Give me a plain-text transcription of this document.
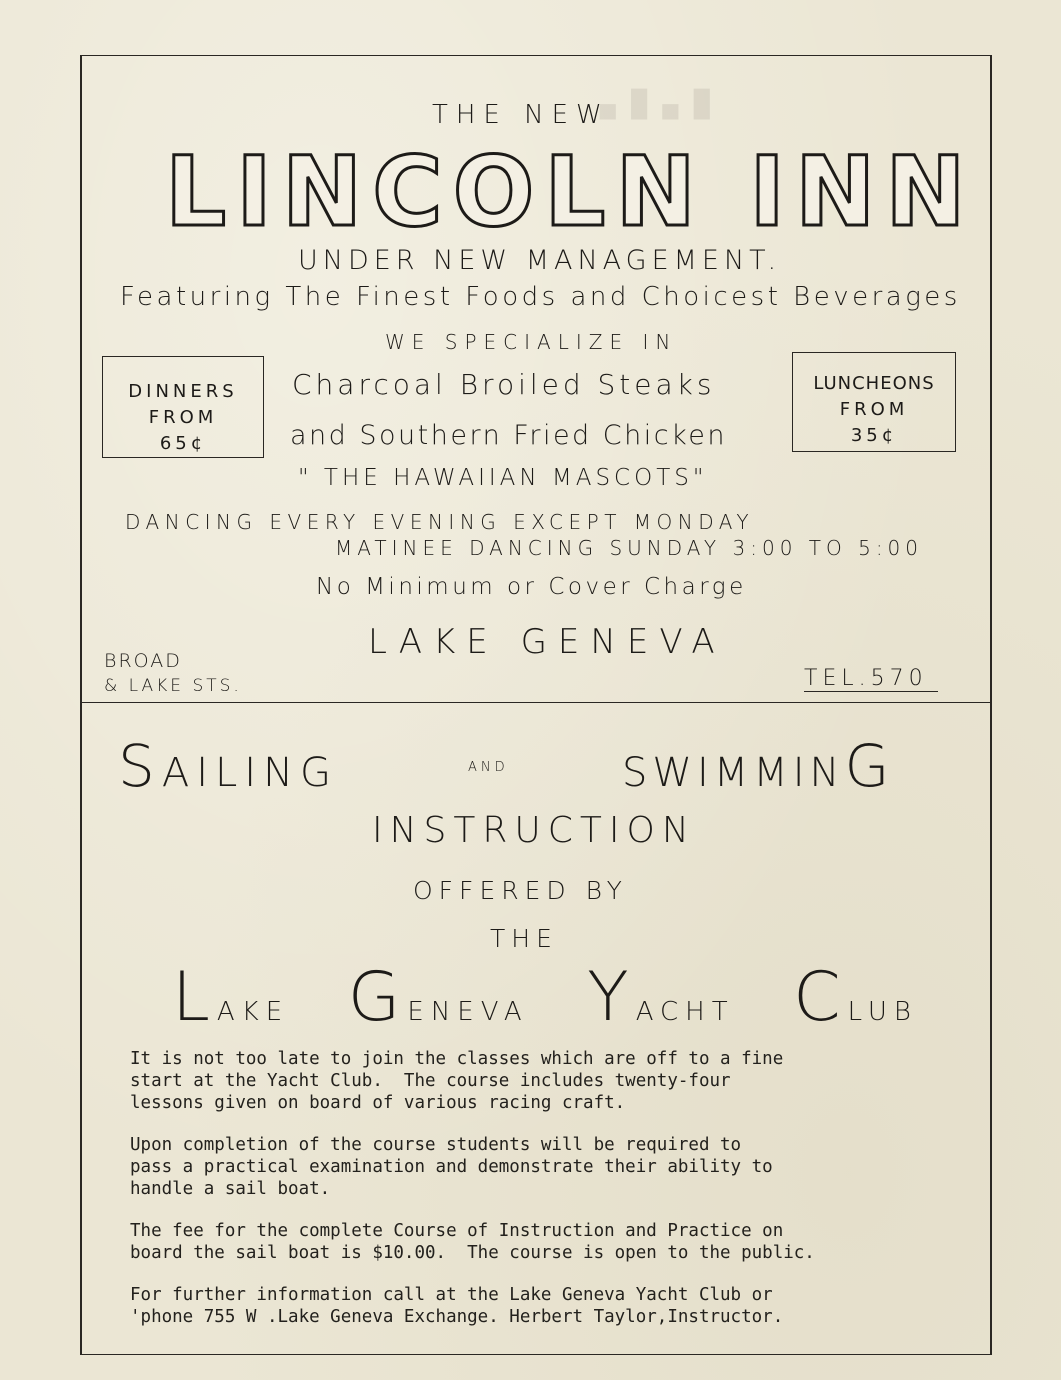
█ ▄ █ ▄
THE NEW
LINCOLN INN
UNDER NEW MANAGEMENT.
Featuring The Finest Foods and Choicest Beverages
WE SPECIALIZE IN
DINNERS
FROM
65¢
Charcoal Broiled Steaks
and Southern Fried Chicken
LUNCHEONS
FROM
35¢
" THE HAWAIIAN MASCOTS"
DANCING EVERY EVENING EXCEPT MONDAY
MATINEE DANCING SUNDAY 3:00 TO 5:00
No Minimum or Cover Charge
LAKE GENEVA
BROAD
& LAKE STS.	TEL.570
SAILING	AND	SWIMMING
INSTRUCTION
OFFERED BY
THE
LAKE GENEVA YACHT CLUB
It is not too late to join the classes which are off to a fine
start at the Yacht Club.  The course includes twenty-four
lessons given on board of various racing craft.
Upon completion of the course students will be required to
pass a practical examination and demonstrate their ability to
handle a sail boat.
The fee for the complete Course of Instruction and Practice on
board the sail boat is $10.00.  The course is open to the public.
For further information call at the Lake Geneva Yacht Club or
'phone 755 W .Lake Geneva Exchange. Herbert Taylor,Instructor.
